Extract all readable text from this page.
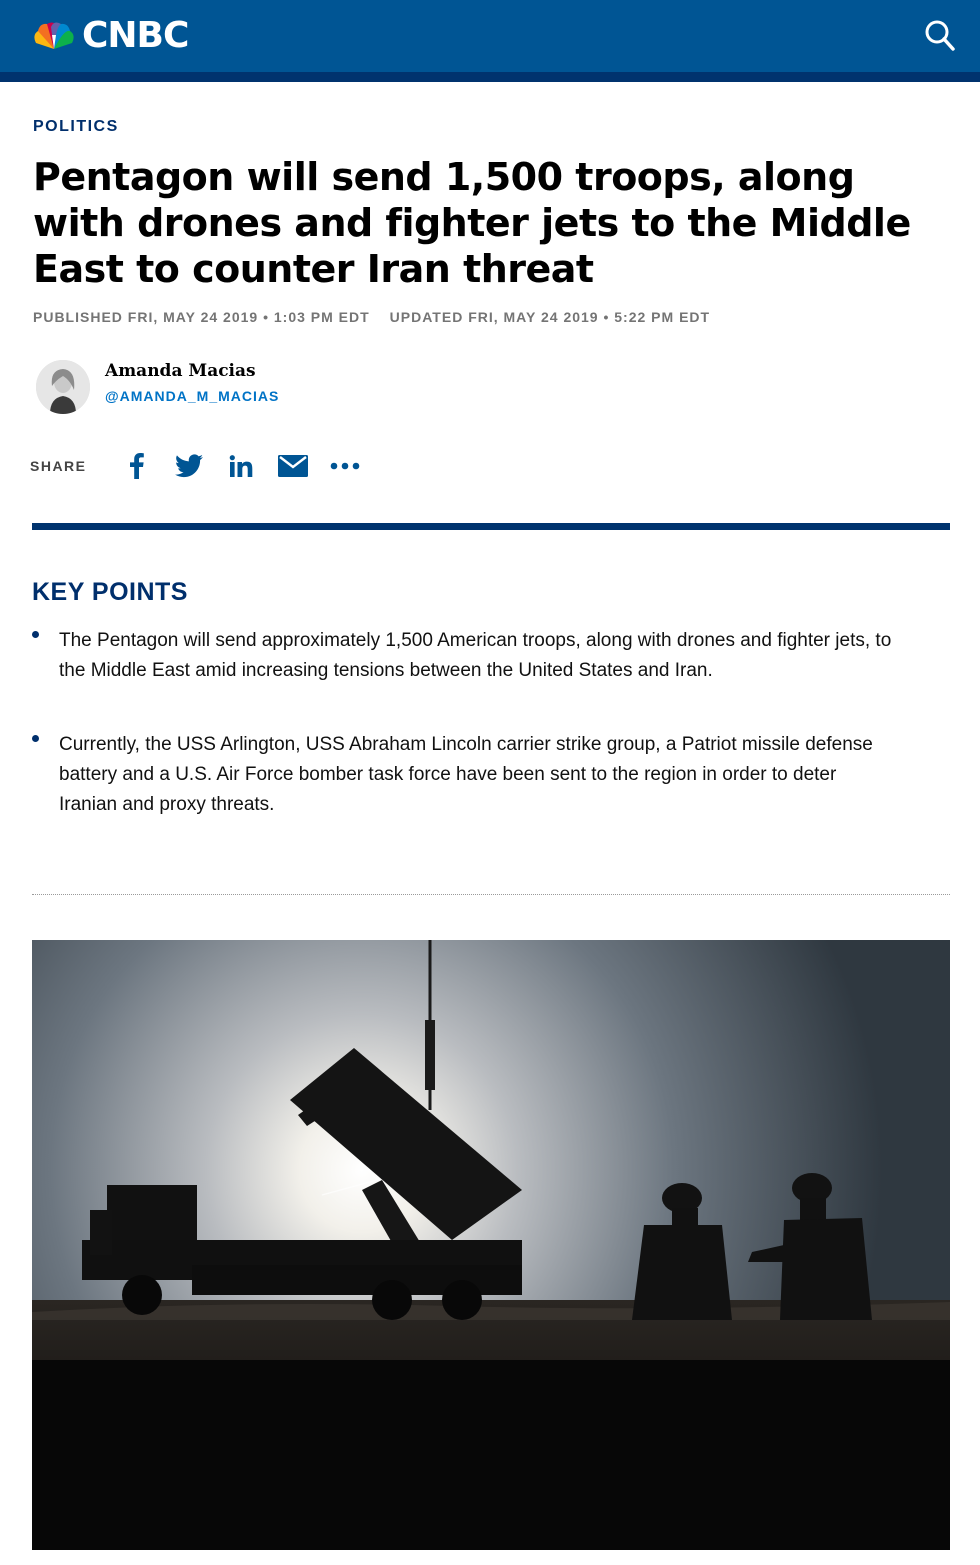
CNBC
POLITICS
Pentagon will send 1,500 troops, along with drones and fighter jets to the Middle East to counter Iran threat
PUBLISHED FRI, MAY 24 2019 • 1:03 PM EDT UPDATED FRI, MAY 24 2019 • 5:22 PM EDT
Amanda Macias
@AMANDA_M_MACIAS
SHARE
KEY POINTS
The Pentagon will send approximately 1,500 American troops, along with drones and fighter jets, to the Middle East amid increasing tensions between the United States and Iran.
Currently, the USS Arlington, USS Abraham Lincoln carrier strike group, a Patriot missile defense battery and a U.S. Air Force bomber task force have been sent to the region in order to deter Iranian and proxy threats.
